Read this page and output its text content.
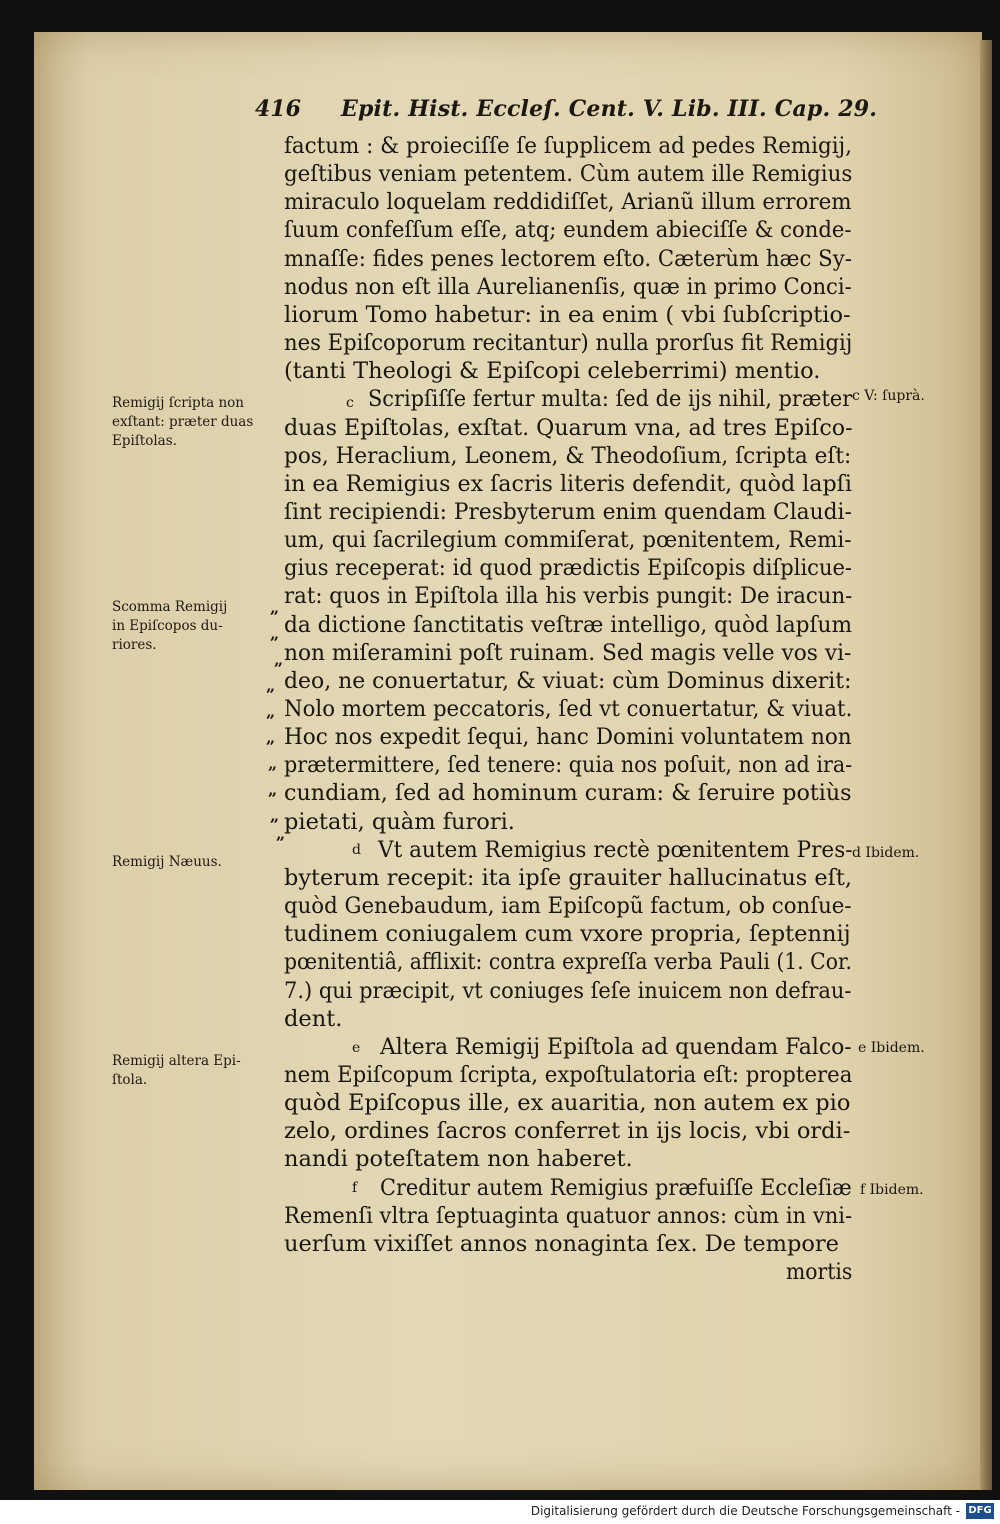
416 Epit. Hist. Eccleſ. Cent. V. Lib. III. Cap. 29.
factum : & proieciſſe ſe ſupplicem ad pedes Remigij,
geſtibus veniam petentem. Cùm autem ille Remigius
miraculo loquelam reddidiſſet, Arianũ illum errorem
ſuum confeſſum eſſe, atq; eundem abieciſſe & conde-
mnaſſe: fides penes lectorem eſto. Cæterùm hæc Sy-
nodus non eſt illa Aurelianenſis, quæ in primo Conci-
liorum Tomo habetur: in ea enim ( vbi ſubſcriptio-
nes Epiſcoporum recitantur) nulla prorſus fit Remigij
(tanti Theologi & Epiſcopi celeberrimi) mentio.
Scripſiſſe fertur multa: ſed de ijs nihil, præter
duas Epiſtolas, exſtat. Quarum vna, ad tres Epiſco-
pos, Heraclium, Leonem, & Theodoſium, ſcripta eſt:
in ea Remigius ex ſacris literis defendit, quòd lapſi
ſint recipiendi: Presbyterum enim quendam Claudi-
um, qui ſacrilegium commiſerat, pœnitentem, Remi-
gius receperat: id quod prædictis Epiſcopis diſplicue-
rat: quos in Epiſtola illa his verbis pungit: De iracun-
da dictione ſanctitatis veſtræ intelligo, quòd lapſum
non miſeramini poſt ruinam. Sed magis velle vos vi-
deo, ne conuertatur, & viuat: cùm Dominus dixerit:
Nolo mortem peccatoris, ſed vt conuertatur, & viuat.
Hoc nos expedit ſequi, hanc Domini voluntatem non
prætermittere, ſed tenere: quia nos poſuit, non ad ira-
cundiam, ſed ad hominum curam: & ſeruire potiùs
pietati, quàm furori.
Vt autem Remigius rectè pœnitentem Pres-
byterum recepit: ita ipſe grauiter hallucinatus eſt,
quòd Genebaudum, iam Epiſcopũ factum, ob conſue-
tudinem coniugalem cum vxore propria, ſeptennij
pœnitentiâ, afflixit: contra expreſſa verba Pauli (1. Cor.
7.) qui præcipit, vt coniuges ſeſe inuicem non defrau-
dent.
Altera Remigij Epiſtola ad quendam Falco-
nem Epiſcopum ſcripta, expoſtulatoria eſt: propterea
quòd Epiſcopus ille, ex auaritia, non autem ex pio
zelo, ordines ſacros conferret in ijs locis, vbi ordi-
nandi poteſtatem non haberet.
Creditur autem Remigius præfuiſſe Eccleſiæ
Remenſi vltra ſeptuaginta quatuor annos: cùm in vni-
uerſum vixiſſet annos nonaginta ſex. De tempore
mortis
c
d
e
f
c V: ſuprà.
d Ibidem.
e Ibidem.
f Ibidem.
Remigij ſcripta non
exſtant: præter duas
Epiſtolas.
Scomma Remigij
in Epiſcopos du-
riores.
Remigij Næuus.
Remigij altera Epi-
ſtola.
„
„
„
„
„
„
„
„
„
„
Digitalisierung gefördert durch die Deutsche Forschungsgemeinschaft - DFG
